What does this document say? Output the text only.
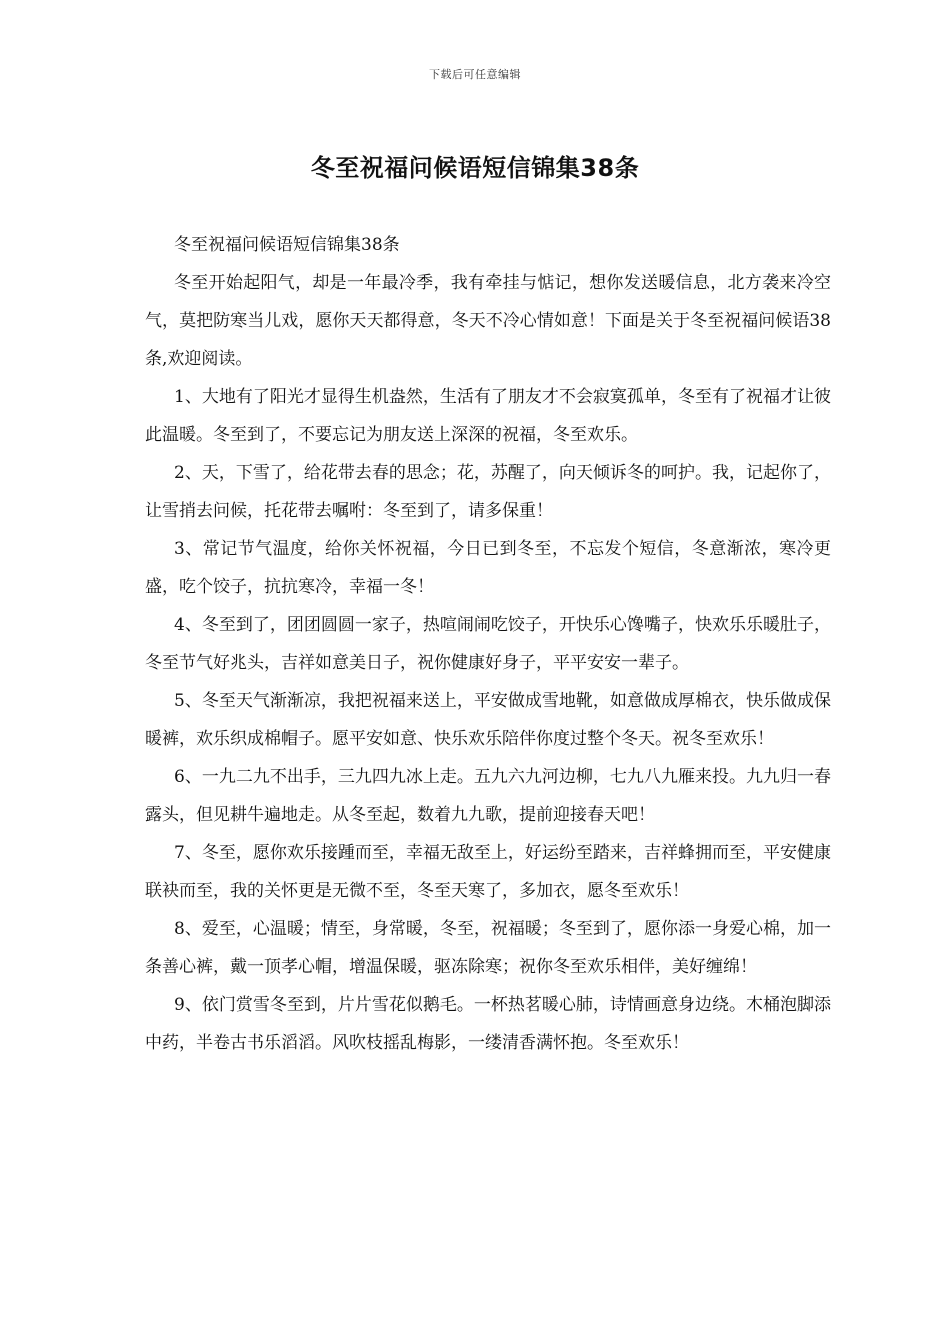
下载后可任意编辑
冬至祝福问候语短信锦集38条

冬至祝福问候语短信锦集38条

冬至开始起阳气，却是一年最冷季，我有牵挂与惦记，想你发送暖信息，北方袭来冷空气，莫把防寒当儿戏，愿你天天都得意，冬天不冷心情如意！下面是关于冬至祝福问候语38条,欢迎阅读。

1、大地有了阳光才显得生机盎然，生活有了朋友才不会寂寞孤单，冬至有了祝福才让彼此温暖。冬至到了，不要忘记为朋友送上深深的祝福，冬至欢乐。

2、天，下雪了，给花带去春的思念；花，苏醒了，向天倾诉冬的呵护。我，记起你了，让雪捎去问候，托花带去嘱咐：冬至到了，请多保重！

3、常记节气温度，给你关怀祝福，今日已到冬至，不忘发个短信，冬意渐浓，寒冷更盛，吃个饺子，抗抗寒冷，幸福一冬！

4、冬至到了，团团圆圆一家子，热喧闹闹吃饺子，开快乐心馋嘴子，快欢乐乐暖肚子，冬至节气好兆头，吉祥如意美日子，祝你健康好身子，平平安安一辈子。

5、冬至天气渐渐凉，我把祝福来送上，平安做成雪地靴，如意做成厚棉衣，快乐做成保暖裤，欢乐织成棉帽子。愿平安如意、快乐欢乐陪伴你度过整个冬天。祝冬至欢乐！

6、一九二九不出手，三九四九冰上走。五九六九河边柳，七九八九雁来投。九九归一春露头，但见耕牛遍地走。从冬至起，数着九九歌，提前迎接春天吧！

7、冬至，愿你欢乐接踵而至，幸福无敌至上，好运纷至踏来，吉祥蜂拥而至，平安健康联袂而至，我的关怀更是无微不至，冬至天寒了，多加衣，愿冬至欢乐！

8、爱至，心温暖；情至，身常暖，冬至，祝福暖；冬至到了，愿你添一身爱心棉，加一条善心裤，戴一顶孝心帽，增温保暖，驱冻除寒；祝你冬至欢乐相伴，美好缠绵！

9、依门赏雪冬至到，片片雪花似鹅毛。一杯热茗暖心肺，诗情画意身边绕。木桶泡脚添中药，半卷古书乐滔滔。风吹枝摇乱梅影，一缕清香满怀抱。冬至欢乐！
